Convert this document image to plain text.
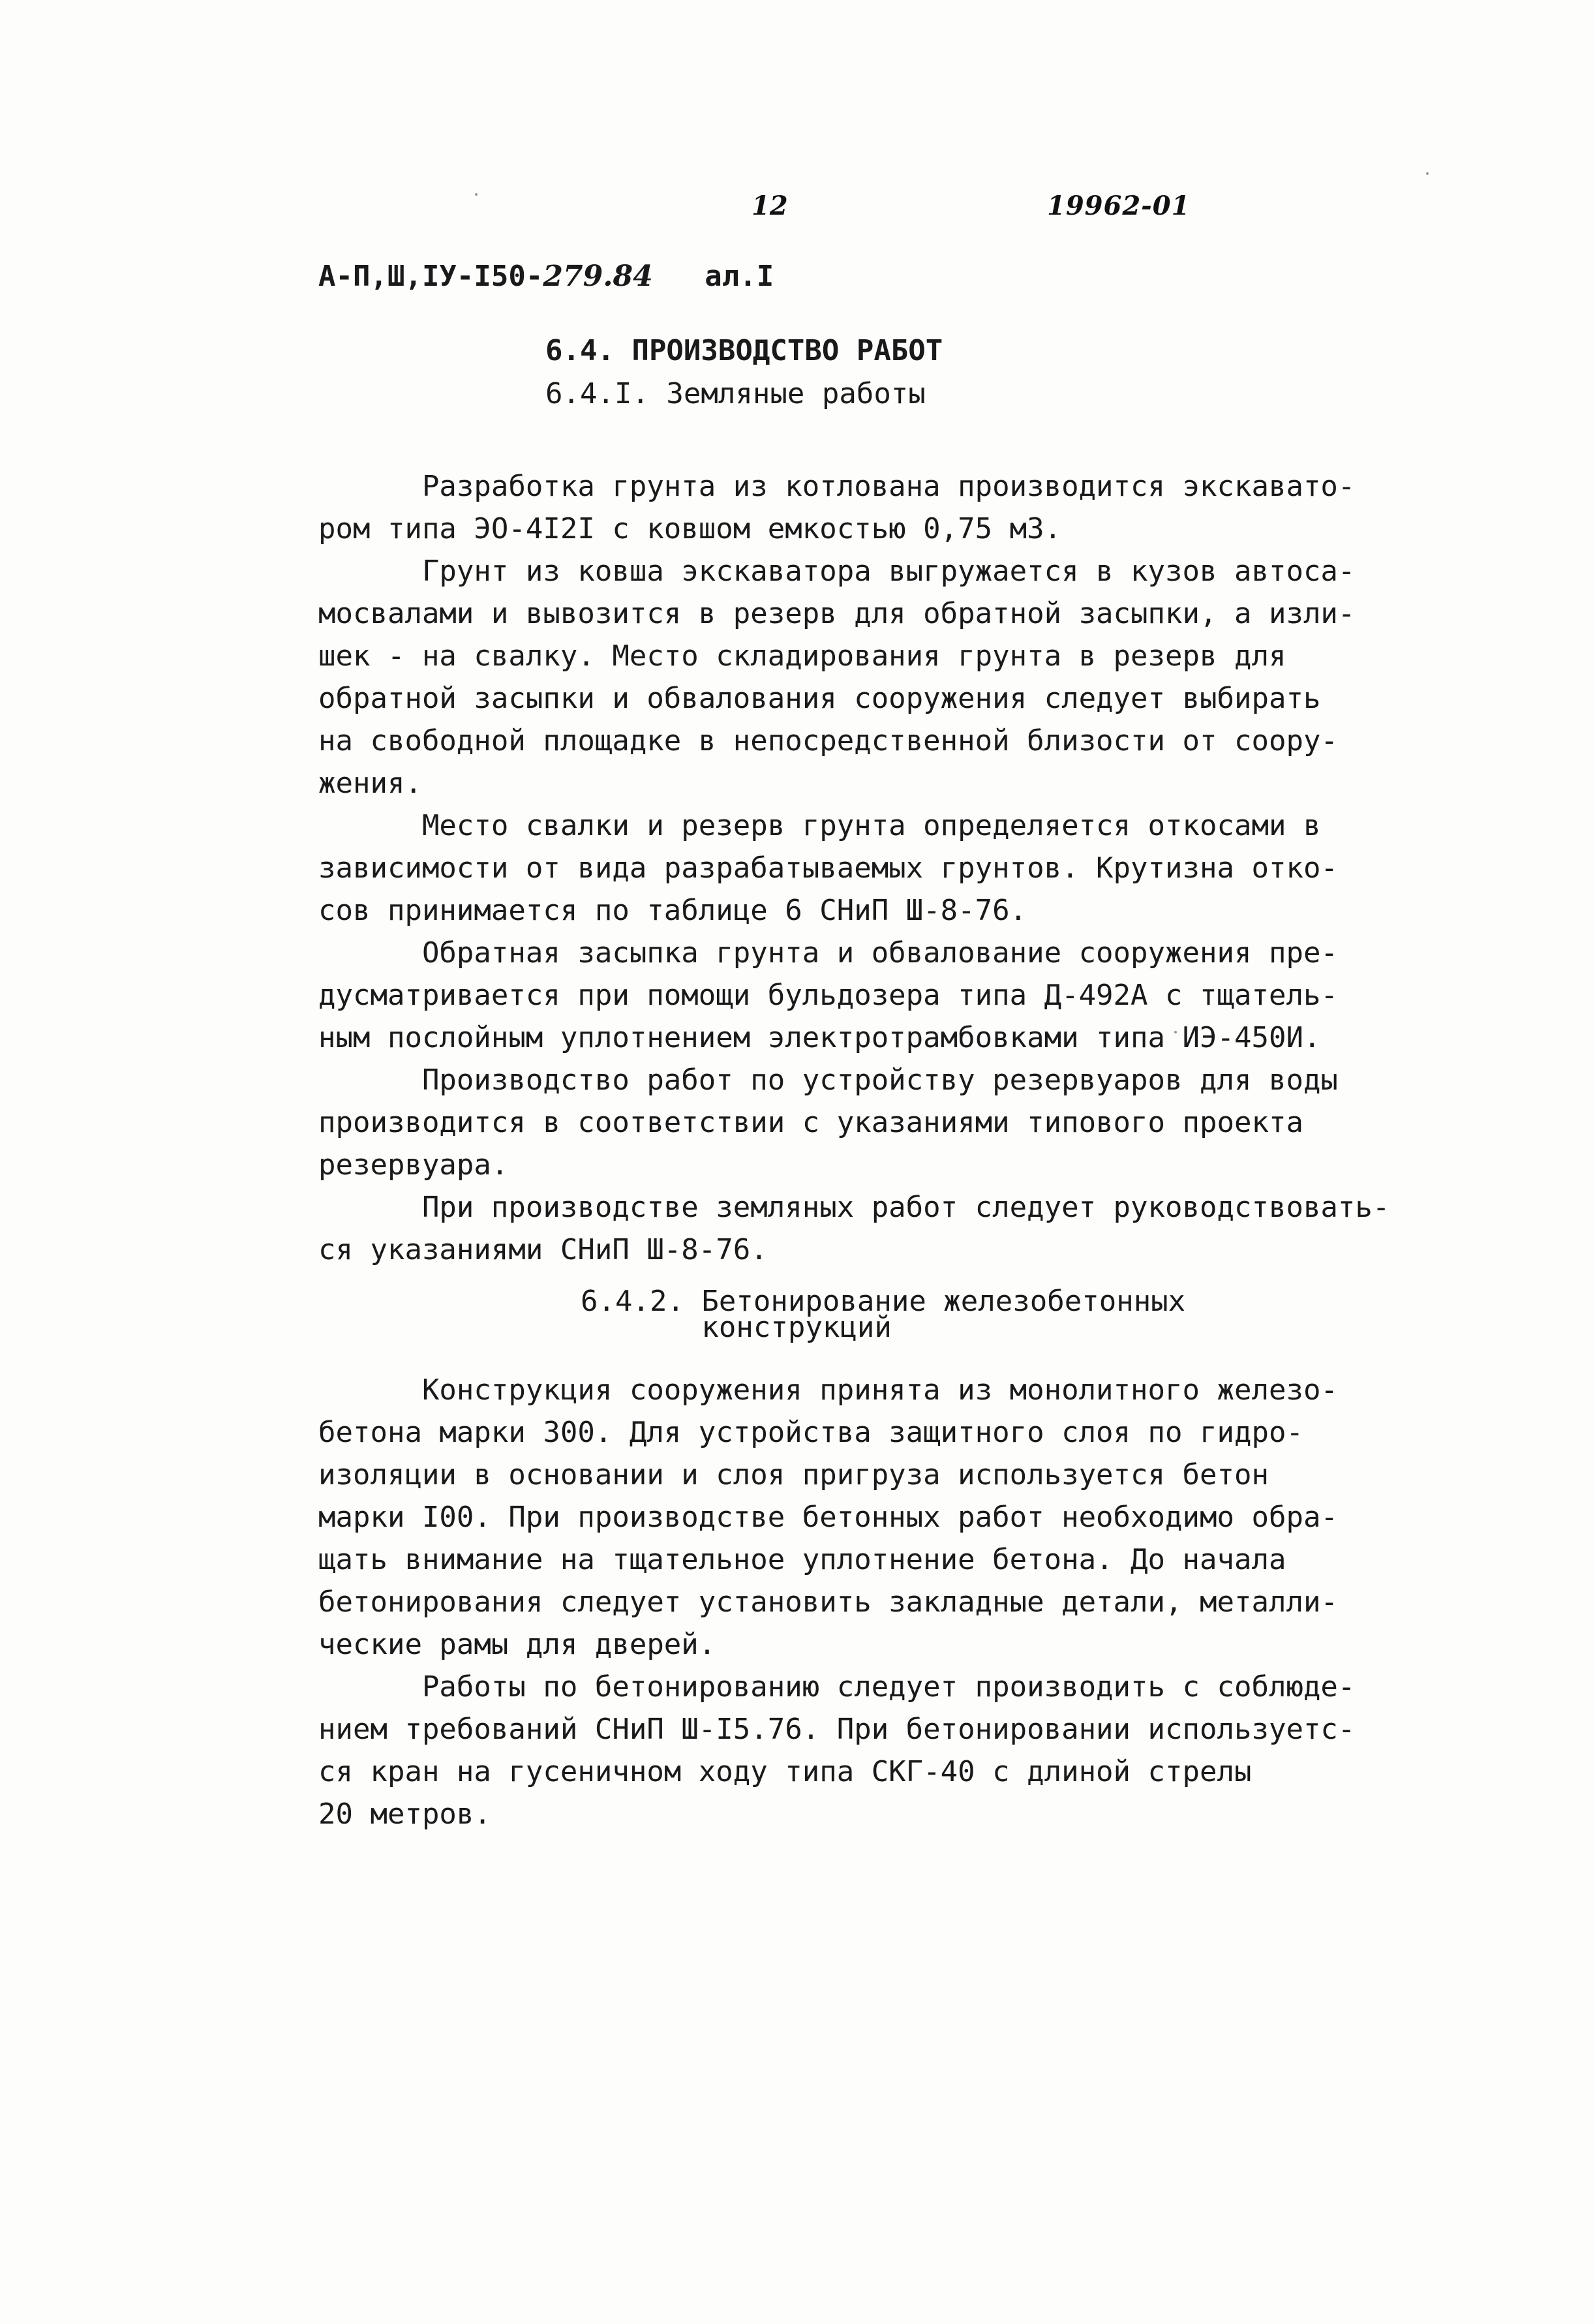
12	19962-01
А-П,Ш,IУ-I50-279.84 ал.I
6.4. ПРОИЗВОДСТВО РАБОТ
6.4.I. Земляные работы
Разработка грунта из котлована производится экскавато-
ром типа ЭО-4I2I с ковшом емкостью 0,75 м3.
Грунт из ковша экскаватора выгружается в кузов автоса-
мосвалами и вывозится в резерв для обратной засыпки, а изли-
шек - на свалку. Место складирования грунта в резерв для
обратной засыпки и обвалования сооружения следует выбирать
на свободной площадке в непосредственной близости от соору-
жения.
Место свалки и резерв грунта определяется откосами в
зависимости от вида разрабатываемых грунтов. Крутизна отко-
сов принимается по таблице 6 СНиП Ш-8-76.
Обратная засыпка грунта и обвалование сооружения пре-
дусматривается при помощи бульдозера типа Д-492А с тщатель-
ным послойным уплотнением электротрамбовками типа ИЭ-450И.
Производство работ по устройству резервуаров для воды
производится в соответствии с указаниями типового проекта
резервуара.
При производстве земляных работ следует руководствовать-
ся указаниями СНиП Ш-8-76.
6.4.2. Бетонирование железобетонных
конструкций
Конструкция сооружения принята из монолитного железо-
бетона марки 300. Для устройства защитного слоя по гидро-
изоляции в основании и слоя пригруза используется бетон
марки I00. При производстве бетонных работ необходимо обра-
щать внимание на тщательное уплотнение бетона. До начала
бетонирования следует установить закладные детали, металли-
ческие рамы для дверей.
Работы по бетонированию следует производить с соблюде-
нием требований СНиП Ш-I5.76. При бетонировании используетс-
ся кран на гусеничном ходу типа СКГ-40 с длиной стрелы
20 метров.
